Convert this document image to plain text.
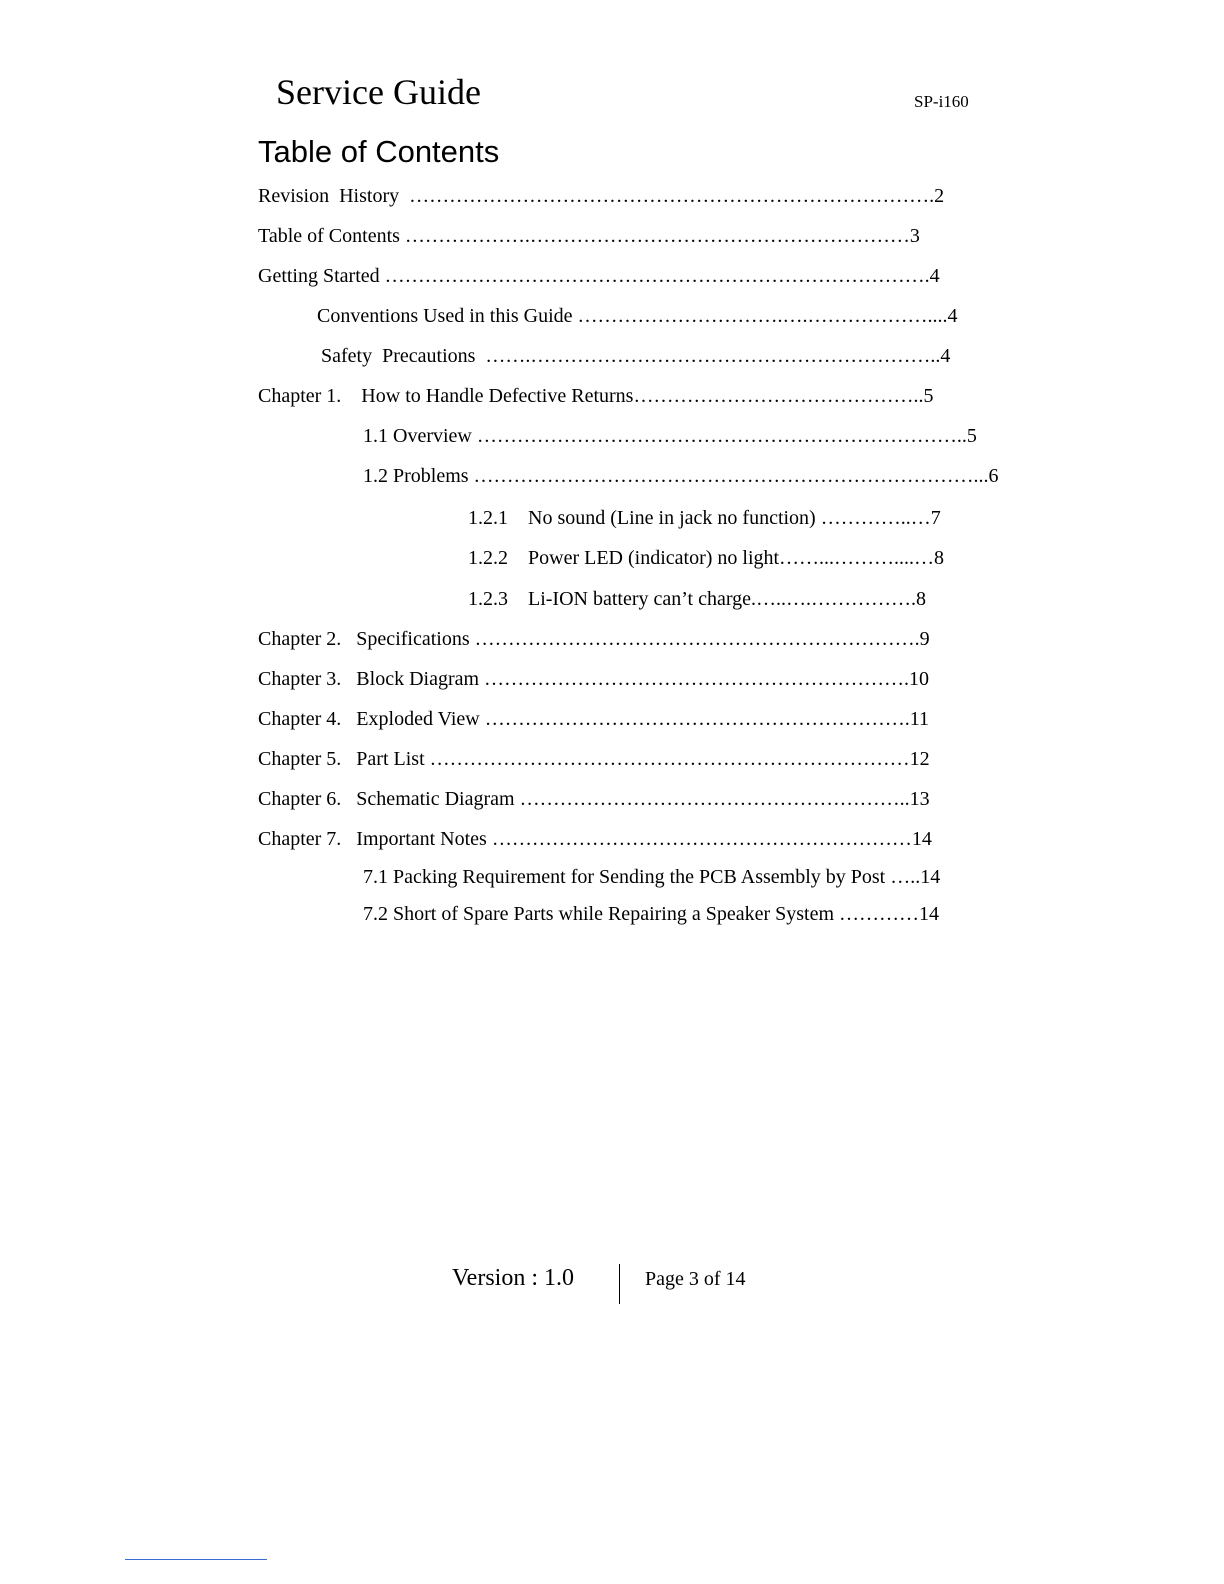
Service Guide	SP-i160
Table of Contents
Revision  History  …………………………………………………………………….2
Table of Contents ……………….…………………………………………………3
Getting Started ……………………………………………………………………….4
Conventions Used in this Guide ………………………….….………………....4
Safety  Precautions  …….……………………………………………………..4
Chapter 1.    How to Handle Defective Returns……………………………………..5
1.1 Overview ………………………………………………………………..5
1.2 Problems …………………………………………………………………...6
1.2.1    No sound (Line in jack no function) …………..…7
1.2.2    Power LED (indicator) no light……...………....…8
1.2.3    Li-ION battery can’t charge.…..….…………….8
Chapter 2.   Specifications ………………………………………………………….9
Chapter 3.   Block Diagram ……………………………………………………….10
Chapter 4.   Exploded View ……………………………………………………….11
Chapter 5.   Part List ………………………………………………………………12
Chapter 6.   Schematic Diagram …………………………………………………..13
Chapter 7.   Important Notes ………………………………………………………14
7.1 Packing Requirement for Sending the PCB Assembly by Post …..14
7.2 Short of Spare Parts while Repairing a Speaker System …………14
Version : 1.0	Page 3 of 14
